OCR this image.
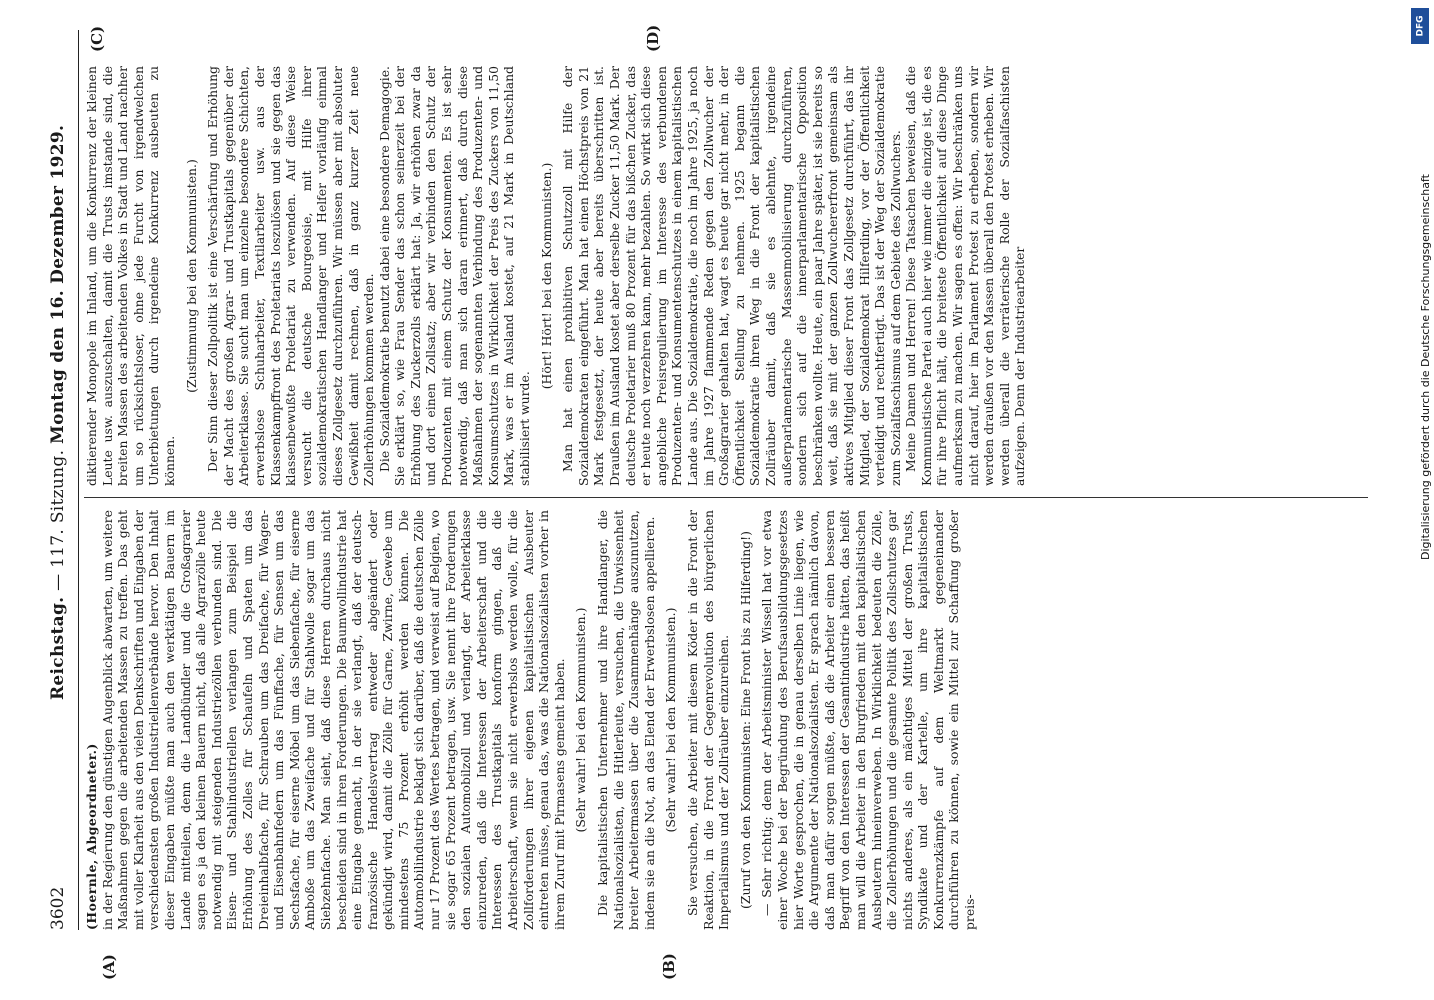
3602
Reichstag. — 117. Sitzung. Montag den 16. Dezember 1929.
(A)	(B)
(C)	(D)

(Hoernle, Abgeordneter.) in der Regierung den günstigen Augenblick abwarten, um weitere Maßnahmen gegen die arbeitenden Massen zu treffen. Das geht mit voller Klarheit aus den vielen Denkschriften und Eingaben der verschiedensten großen Industriellenverbände hervor. Den Inhalt dieser Eingaben müßte man auch den werktätigen Bauern im Lande mitteilen, denn die Landbündler und die Großagrarier sagen es ja den kleinen Bauern nicht, daß alle Agrarzölle heute notwendig mit steigenden Industriezöllen verbunden sind. Die Eisen- und Stahlindustriellen verlangen zum Beispiel die Erhöhung des Zolles für Schaufeln und Spaten um das Dreieinhalbfache, für Schrauben um das Dreifache, für Wagen- und Eisenbahnfedern um das Fünffache, für Sensen um das Sechsfache, für eiserne Möbel um das Siebenfache, für eiserne Amboße um das Zweifache und für Stahlwolle sogar um das Siebzehnfache. Man sieht, daß diese Herren durchaus nicht bescheiden sind in ihren Forderungen. Die Baumwollindustrie hat eine Eingabe gemacht, in der sie verlangt, daß der deutsch-französische Handelsvertrag entweder abgeändert oder gekündigt wird, damit die Zölle für Garne, Zwirne, Gewebe um mindestens 75 Prozent erhöht werden können. Die Automobilindustrie beklagt sich darüber, daß die deutschen Zölle nur 17 Prozent des Wertes betragen, und verweist auf Belgien, wo sie sogar 65 Prozent betragen, usw. Sie nennt ihre Forderungen den sozialen Automobilzoll und verlangt, der Arbeiterklasse einzureden, daß die Interessen der Arbeiterschaft und die Interessen des Trustkapitals konform gingen, daß die Arbeiterschaft, wenn sie nicht erwerbslos werden wolle, für die Zollforderungen ihrer eigenen kapitalistischen Ausbeuter eintreten müsse, genau das, was die Nationalsozialisten vorher in ihrem Zuruf mit Pirmasens gemeint haben. (Sehr wahr! bei den Kommunisten.) Die kapitalistischen Unternehmer und ihre Handlanger, die Nationalsozialisten, die Hitlerleute, versuchen, die Unwissenheit breiter Arbeitermassen über die Zusammenhänge auszunutzen, indem sie an die Not, an das Elend der Erwerbslosen appellieren. (Sehr wahr! bei den Kommunisten.) Sie versuchen, die Arbeiter mit diesem Köder in die Front der Reaktion, in die Front der Gegenrevolution des bürgerlichen Imperialismus und der Zollräuber einzureihen. (Zuruf von den Kommunisten: Eine Front bis zu Hilferding!) — Sehr richtig; denn der Arbeitsminister Wissell hat vor etwa einer Woche bei der Begründung des Berufsausbildungsgesetzes hier Worte gesprochen, die in genau derselben Linie liegen, wie die Argumente der Nationalsozialisten. Er sprach nämlich davon, daß man dafür sorgen müßte, daß die Arbeiter einen besseren Begriff von den Interessen der Gesamtindustrie hätten, das heißt man will die Arbeiter in den Burgfrieden mit den kapitalistischen Ausbeutern hineinverweben. In Wirklichkeit bedeuten die Zölle, die Zollerhöhungen und die gesamte Politik des Zollschutzes gar nichts anderes, als ein mächtiges Mittel der großen Trusts, Syndikate und der Kartelle, um ihre kapitalistischen Konkurrenzkämpfe auf dem Weltmarkt gegeneinander durchführen zu können, sowie ein Mittel zur Schaffung großer preis-

diktierender Monopole im Inland, um die Konkurrenz der kleinen Leute usw. auszuschalten, damit die Trusts imstande sind, die breiten Massen des arbeitenden Volkes in Stadt und Land nachher um so rücksichtsloser, ohne jede Furcht von irgendwelchen Unterbietungen durch irgendeine Konkurrenz ausbeuten zu können.

(Zustimmung bei den Kommunisten.) Der Sinn dieser Zollpolitik ist eine Verschärfung und Erhöhung der Macht des großen Agrar- und Trustkapitals gegenüber der Arbeiterklasse. Sie sucht man um einzelne besondere Schichten, erwerbslose Schuharbeiter, Textilarbeiter usw. aus der Klassenkampffront des Proletariats loszulösen und sie gegen das klassenbewußte Proletariat zu verwenden. Auf diese Weise versucht die deutsche Bourgeoisie, mit Hilfe ihrer sozialdemokratischen Handlanger und Helfer vorläufig einmal dieses Zollgesetz durchzuführen. Wir müssen aber mit absoluter Gewißheit damit rechnen, daß in ganz kurzer Zeit neue Zollerhöhungen kommen werden. Die Sozialdemokratie benutzt dabei eine besondere Demagogie. Sie erklärt so, wie Frau Sender das schon seinerzeit bei der Erhöhung des Zuckerzolls erklärt hat: Ja, wir erhöhen zwar da und dort einen Zollsatz; aber wir verbinden den Schutz der Produzenten mit einem Schutz der Konsumenten. Es ist sehr notwendig, daß man sich daran erinnert, daß durch diese Maßnahmen der sogenannten Verbindung des Produzenten- und Konsumschutzes in Wirklichkeit der Preis des Zuckers von 11,50 Mark, was er im Ausland kostet, auf 21 Mark in Deutschland stabilisiert wurde.

(Hört! Hört! bei den Kommunisten.) Man hat einen prohibitiven Schutzzoll mit Hilfe der Sozialdemokraten eingeführt. Man hat einen Höchstpreis von 21 Mark festgesetzt, der heute aber bereits überschritten ist. Draußen im Ausland kostet aber derselbe Zucker 11,50 Mark. Der deutsche Proletarier muß 80 Prozent für das bißchen Zucker, das er heute noch verzehren kann, mehr bezahlen. So wirkt sich diese angebliche Preisregulierung im Interesse des verbundenen Produzenten- und Konsumentenschutzes in einem kapitalistischen Lande aus. Die Sozialdemokratie, die noch im Jahre 1925, ja noch im Jahre 1927 flammende Reden gegen den Zollwucher der Großagrarier gehalten hat, wagt es heute gar nicht mehr, in der Öffentlichkeit Stellung zu nehmen. 1925 begann die Sozialdemokratie ihren Weg in die Front der kapitalistischen Zollräuber damit, daß sie es ablehnte, irgendeine außerparlamentarische Massenmobilisierung durchzuführen, sondern sich auf die innerparlamentarische Opposition beschränken wollte. Heute, ein paar Jahre später, ist sie bereits so weit, daß sie mit der ganzen Zollwuchererfront gemeinsam als aktives Mitglied dieser Front das Zollgesetz durchführt, das ihr Mitglied, der Sozialdemokrat Hilferding, vor der Öffentlichkeit verteidigt und rechtfertigt. Das ist der Weg der Sozialdemokratie zum Sozialfaschismus auf dem Gebiete des Zollwuchers. Meine Damen und Herren! Diese Tatsachen beweisen, daß die Kommunistische Partei auch hier wie immer die einzige ist, die es für ihre Pflicht hält, die breiteste Öffentlichkeit auf diese Dinge aufmerksam zu machen. Wir sagen es offen: Wir beschränken uns nicht darauf, hier im Parlament Protest zu erheben, sondern wir werden draußen vor den Massen überall den Protest erheben. Wir werden überall die verräterische Rolle der Sozialfaschisten aufzeigen. Denn der Industriearbeiter

DFG
Digitalisierung gefördert durch die Deutsche Forschungsgemeinschaft
